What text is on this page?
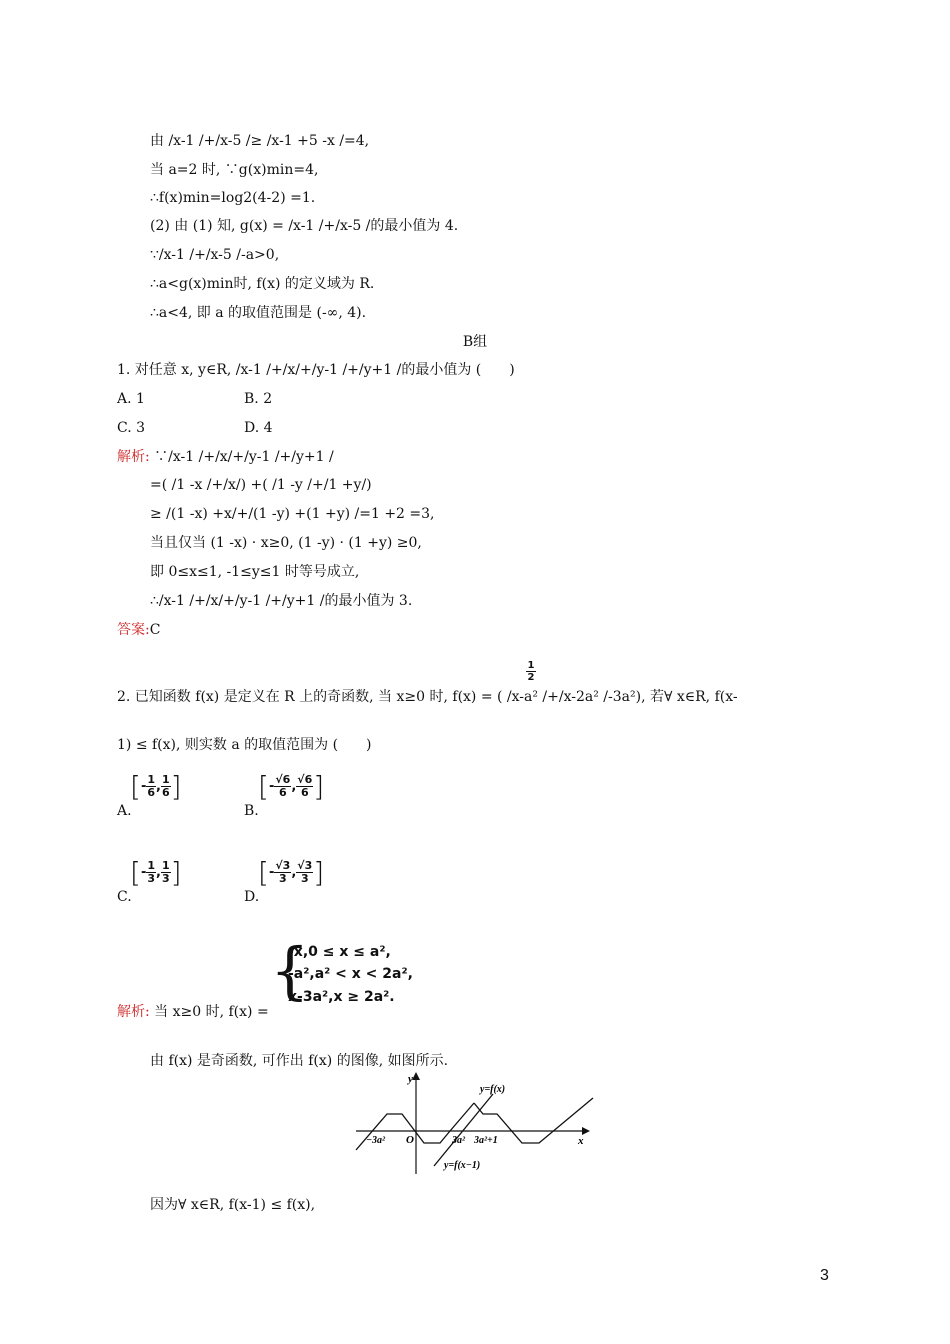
由 /x-1 /+/x-5 /≥ /x-1 +5 -x /=4,
当 a=2 时, ∵g(x)min=4,
∴f(x)min=log2(4-2) =1.
(2) 由 (1) 知, g(x) = /x-1 /+/x-5 /的最小值为 4.
∵/x-1 /+/x-5 /-a>0,
∴a<g(x)min时, f(x) 的定义域为 R.
∴a<4, 即 a 的取值范围是 (-∞, 4).
B组
1. 对任意 x, y∈R, /x-1 /+/x/+/y-1 /+/y+1 /的最小值为 (　　)
A. 1	B. 2
C. 3	D. 4
解析: ∵/x-1 /+/x/+/y-1 /+/y+1 /
=( /1 -x /+/x/) +( /1 -y /+/1 +y/)
≥ /(1 -x) +x/+/(1 -y) +(1 +y) /=1 +2 =3,
当且仅当 (1 -x) · x≥0, (1 -y) · (1 +y) ≥0,
即 0≤x≤1, -1≤y≤1 时等号成立,
∴/x-1 /+/x/+/y-1 /+/y+1 /的最小值为 3.
答案:C
1
2
2. 已知函数 f(x) 是定义在 R 上的奇函数, 当 x≥0 时, f(x) = ( /x-a² /+/x-2a² /-3a²), 若∀ x∈R, f(x-
1) ≤ f(x), 则实数 a 的取值范围为 (　　)
[- $\frac{1}{6}$ , $\frac{1}{6}$ ]
A.
[- $\frac{√6}{6}$ , $\frac{√6}{6}$ ]
B.
[- $\frac{1}{3}$ , $\frac{1}{3}$ ]
C.
[- $\frac{√3}{3}$ , $\frac{√3}{3}$ ]
D.
{
-x,0 ≤ x ≤ a²,
-a²,a² < x < 2a²,
x-3a²,x ≥ 2a².
解析: 当 x≥0 时, f(x) =
由 f(x) 是奇函数, 可作出 f(x) 的图像, 如图所示.
y
x
O
−3a²	3a² 3a²+1
y=f(x)
y=f(x−1)
因为∀ x∈R, f(x-1) ≤ f(x),
3
